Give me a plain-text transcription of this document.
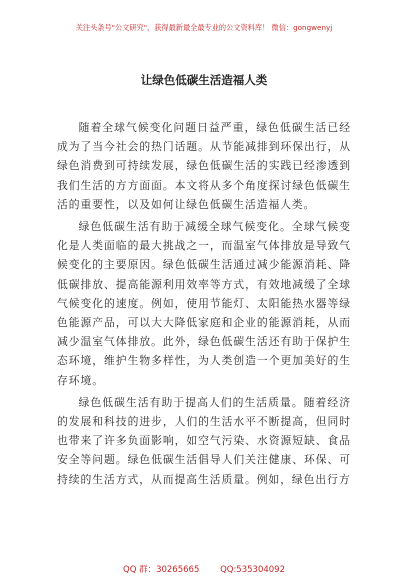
关注头条号"公文研究"，获得最新最全最专业的公文资料库！ 微信：gongwenyj
让绿色低碳生活造福人类

随着全球气候变化问题日益严重，绿色低碳生活已经成为了当今社会的热门话题。从节能减排到环保出行，从绿色消费到可持续发展，绿色低碳生活的实践已经渗透到我们生活的方方面面。本文将从多个角度探讨绿色低碳生活的重要性，以及如何让绿色低碳生活造福人类。

绿色低碳生活有助于减缓全球气候变化。全球气候变化是人类面临的最大挑战之一，而温室气体排放是导致气候变化的主要原因。绿色低碳生活通过减少能源消耗、降低碳排放、提高能源利用效率等方式，有效地减缓了全球气候变化的速度。例如，使用节能灯、太阳能热水器等绿色能源产品，可以大大降低家庭和企业的能源消耗，从而减少温室气体排放。此外，绿色低碳生活还有助于保护生态环境，维护生物多样性，为人类创造一个更加美好的生存环境。

绿色低碳生活有助于提高人们的生活质量。随着经济的发展和科技的进步，人们的生活水平不断提高，但同时也带来了许多负面影响，如空气污染、水资源短缺、食品安全等问题。绿色低碳生活倡导人们关注健康、环保、可持续的生活方式，从而提高生活质量。例如，绿色出行方

QQ 群：30265665 QQ:535304092
